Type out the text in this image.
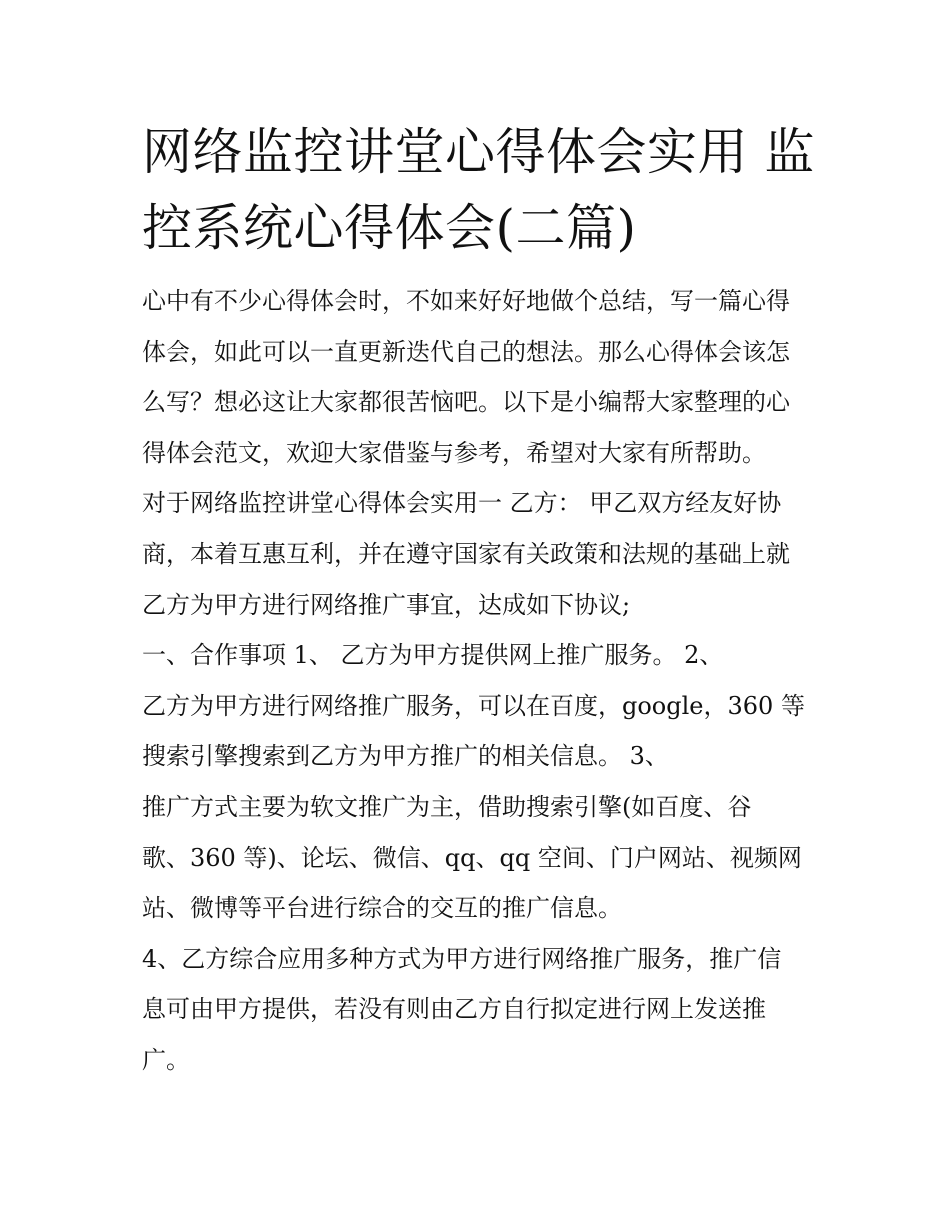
网络监控讲堂心得体会实用 监
控系统心得体会(二篇)
心中有不少心得体会时，不如来好好地做个总结，写一篇心得
体会，如此可以一直更新迭代自己的想法。那么心得体会该怎
么写？想必这让大家都很苦恼吧。以下是小编帮大家整理的心
得体会范文，欢迎大家借鉴与参考，希望对大家有所帮助。
对于网络监控讲堂心得体会实用一 乙方： 甲乙双方经友好协
商，本着互惠互利，并在遵守国家有关政策和法规的基础上就
乙方为甲方进行网络推广事宜，达成如下协议;
一、合作事项 1、 乙方为甲方提供网上推广服务。 2、
乙方为甲方进行网络推广服务，可以在百度，google，360 等
搜索引擎搜索到乙方为甲方推广的相关信息。 3、
推广方式主要为软文推广为主，借助搜索引擎(如百度、谷
歌、360 等)、论坛、微信、qq、qq 空间、门户网站、视频网
站、微博等平台进行综合的交互的推广信息。
4、乙方综合应用多种方式为甲方进行网络推广服务，推广信
息可由甲方提供，若没有则由乙方自行拟定进行网上发送推
广。
